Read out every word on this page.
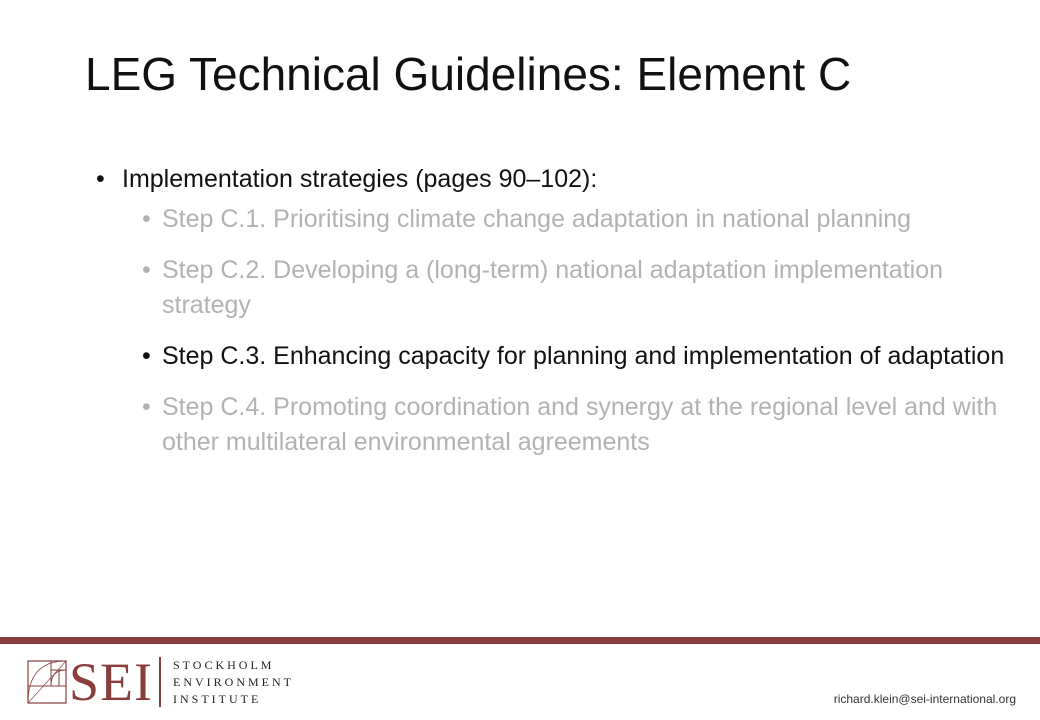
LEG Technical Guidelines: Element C
• Implementation strategies (pages 90–102):
• Step C.1. Prioritising climate change adaptation in national planning
• Step C.2. Developing a (long-term) national adaptation implementation strategy
• Step C.3. Enhancing capacity for planning and implementation of adaptation
• Step C.4. Promoting coordination and synergy at the regional level and with other multilateral environmental agreements
SEI STOCKHOLM
ENVIRONMENT
INSTITUTE	richard.klein@sei-international.org
